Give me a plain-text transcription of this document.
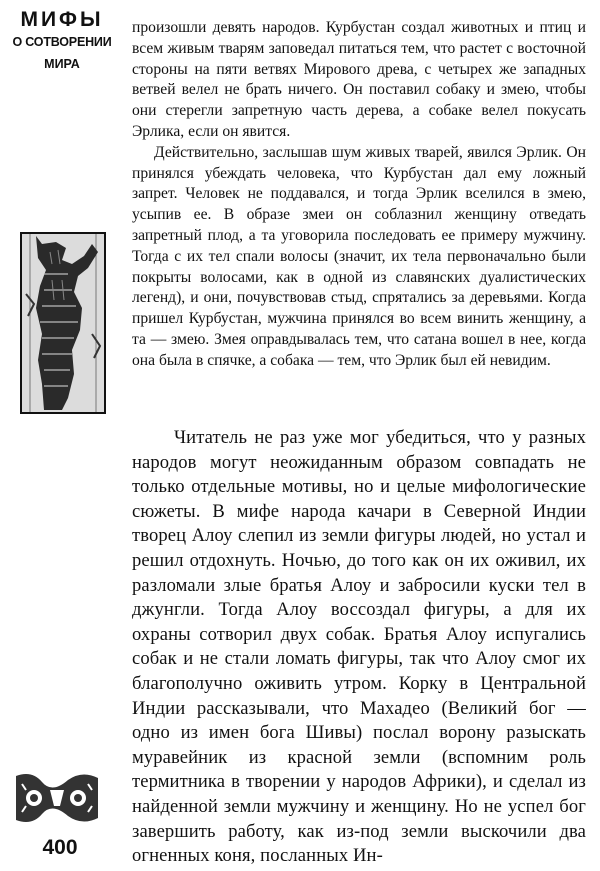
МИФЫ
О СОТВОРЕНИИ
МИРА
400

произошли девять народов. Курбустан создал животных и птиц и всем живым тварям заповедал питаться тем, что растет с восточной стороны на пяти ветвях Мирового древа, с четырех же западных ветвей велел не брать ничего. Он поставил собаку и змею, чтобы они стерегли запретную часть дерева, а собаке велел покусать Эрлика, если он явится.

Действительно, заслышав шум живых тварей, явился Эрлик. Он принялся убеждать человека, что Курбустан дал ему ложный запрет. Человек не поддавался, и тогда Эрлик вселился в змею, усыпив ее. В образе змеи он соблазнил женщину отведать запретный плод, а та уговорила последовать ее примеру мужчину. Тогда с их тел спали волосы (значит, их тела первоначально были покрыты волосами, как в одной из славянских дуалистических легенд), и они, почувствовав стыд, спрятались за деревьями. Когда пришел Курбустан, мужчина принялся во всем винить женщину, а та — змею. Змея оправдывалась тем, что сатана вошел в нее, когда она была в спячке, а собака — тем, что Эрлик был ей невидим.

Читатель не раз уже мог убедиться, что у разных народов могут неожиданным образом совпадать не только отдельные мотивы, но и целые мифологические сюжеты. В мифе народа качари в Северной Индии творец Алоу слепил из земли фигуры людей, но устал и решил отдохнуть. Ночью, до того как он их оживил, их разломали злые братья Алоу и забросили куски тел в джунгли. Тогда Алоу воссоздал фигуры, а для их охраны сотворил двух собак. Братья Алоу испугались собак и не стали ломать фигуры, так что Алоу смог их благополучно оживить утром. Корку в Центральной Индии рассказывали, что Махадео (Великий бог — одно из имен бога Шивы) послал ворону разыскать муравейник из красной земли (вспомним роль термитника в творении у народов Африки), и сделал из найденной земли мужчину и женщину. Но не успел бог завершить работу, как из-под земли выскочили два огненных коня, посланных Ин-
